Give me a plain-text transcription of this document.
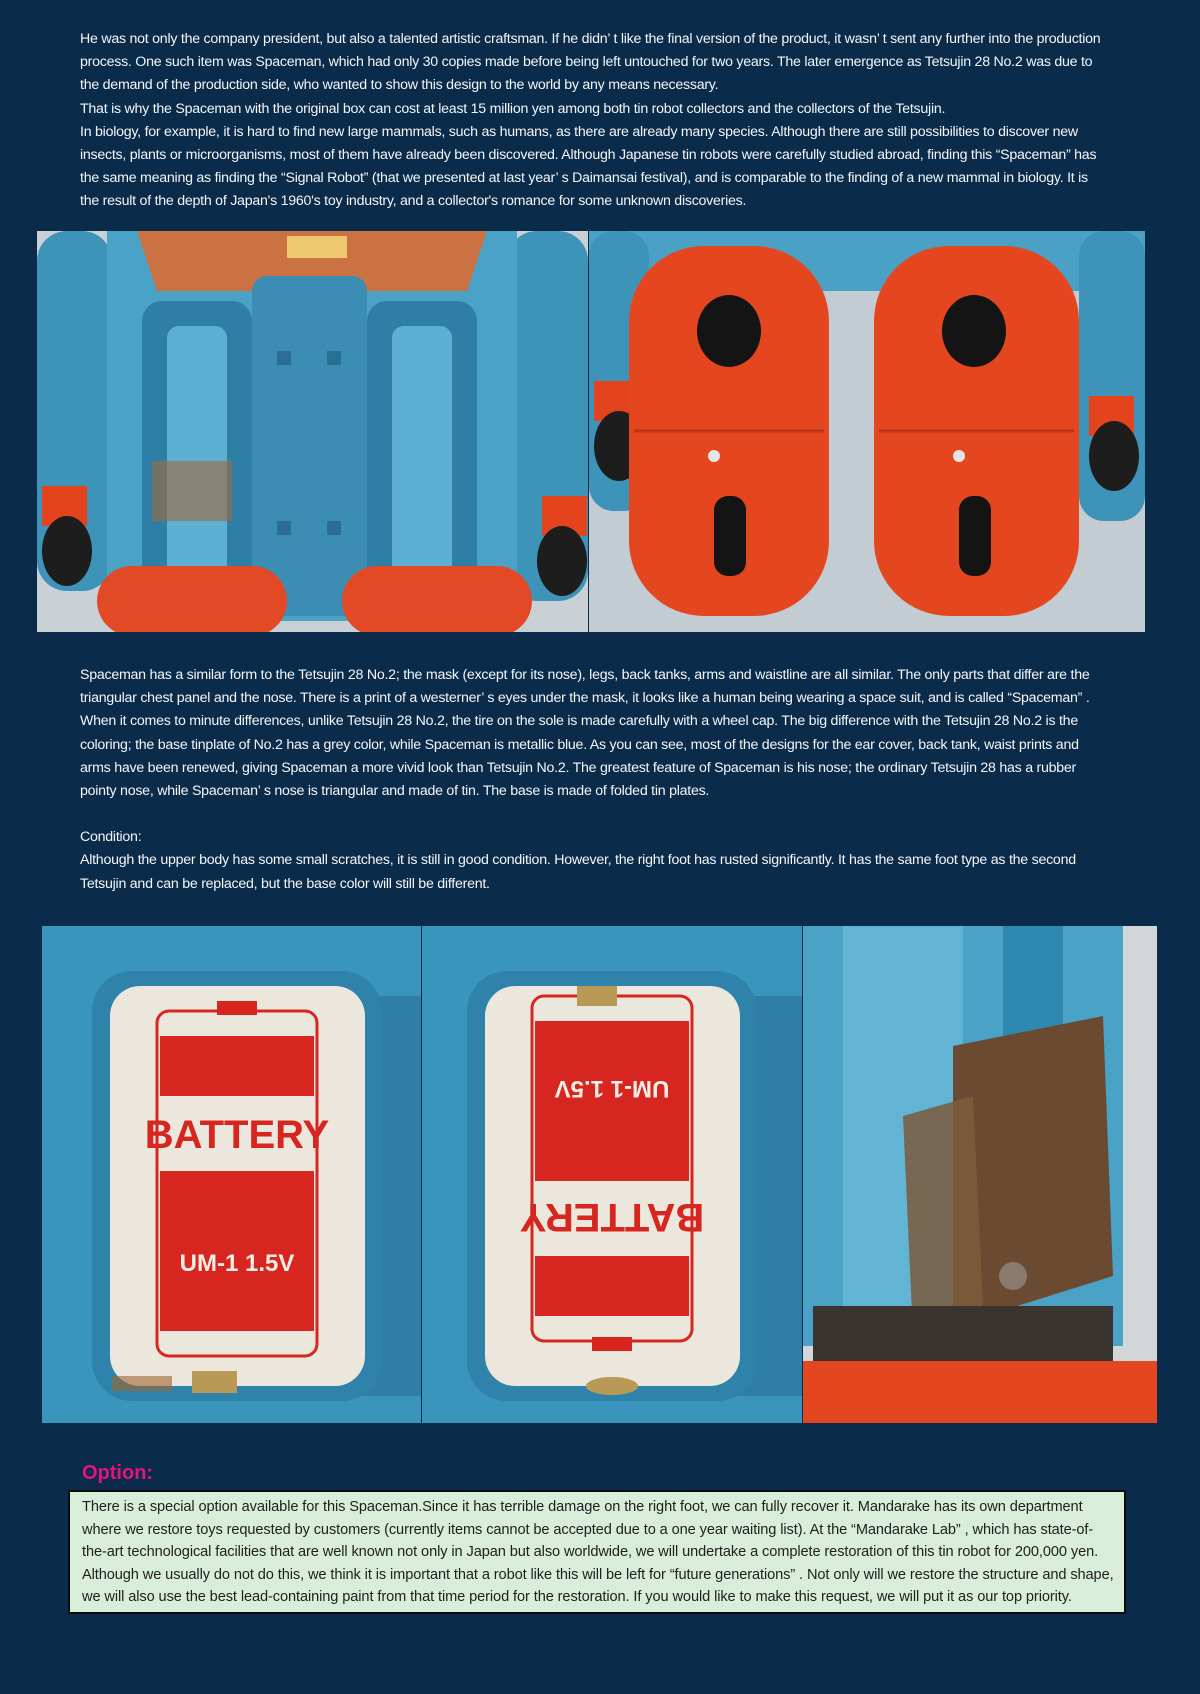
He was not only the company president, but also a talented artistic craftsman. If he didn’ t like the final version of the product, it wasn’ t sent any further into the production process. One such item was Spaceman, which had only 30 copies made before being left untouched for two years. The later emergence as Tetsujin 28 No.2 was due to the demand of the production side, who wanted to show this design to the world by any means necessary.

That is why the Spaceman with the original box can cost at least 15 million yen among both tin robot collectors and the collectors of the Tetsujin.

In biology, for example, it is hard to find new large mammals, such as humans, as there are already many species. Although there are still possibilities to discover new insects, plants or microorganisms, most of them have already been discovered. Although Japanese tin robots were carefully studied abroad, finding this “Spaceman” has the same meaning as finding the “Signal Robot” (that we presented at last year’ s Daimansai festival), and is comparable to the finding of a new mammal in biology. It is the result of the depth of Japan's 1960's toy industry, and a collector's romance for some unknown discoveries.

Spaceman has a similar form to the Tetsujin 28 No.2; the mask (except for its nose), legs, back tanks, arms and waistline are all similar. The only parts that differ are the triangular chest panel and the nose. There is a print of a westerner’ s eyes under the mask, it looks like a human being wearing a space suit, and is called “Spaceman” . When it comes to minute differences, unlike Tetsujin 28 No.2, the tire on the sole is made carefully with a wheel cap. The big difference with the Tetsujin 28 No.2 is the coloring; the base tinplate of No.2 has a grey color, while Spaceman is metallic blue. As you can see, most of the designs for the ear cover, back tank, waist prints and arms have been renewed, giving Spaceman a more vivid look than Tetsujin No.2. The greatest feature of Spaceman is his nose; the ordinary Tetsujin 28 has a rubber pointy nose, while Spaceman’ s nose is triangular and made of tin. The base is made of folded tin plates.

Condition:

Although the upper body has some small scratches, it is still in good condition. However, the right foot has rusted significantly. It has the same foot type as the second Tetsujin and can be replaced, but the base color will still be different.

BATTERY
UM-1 1.5V
BATTERY
UM-1 1.5V
Option:

There is a special option available for this Spaceman.Since it has terrible damage on the right foot, we can fully recover it. Mandarake has its own department where we restore toys requested by customers (currently items cannot be accepted due to a one year waiting list). At the “Mandarake Lab” , which has state-of-the-art technological facilities that are well known not only in Japan but also worldwide, we will undertake a complete restoration of this tin robot for 200,000 yen. Although we usually do not do this, we think it is important that a robot like this will be left for “future generations” . Not only will we restore the structure and shape, we will also use the best lead-containing paint from that time period for the restoration. If you would like to make this request, we will put it as our top priority.
